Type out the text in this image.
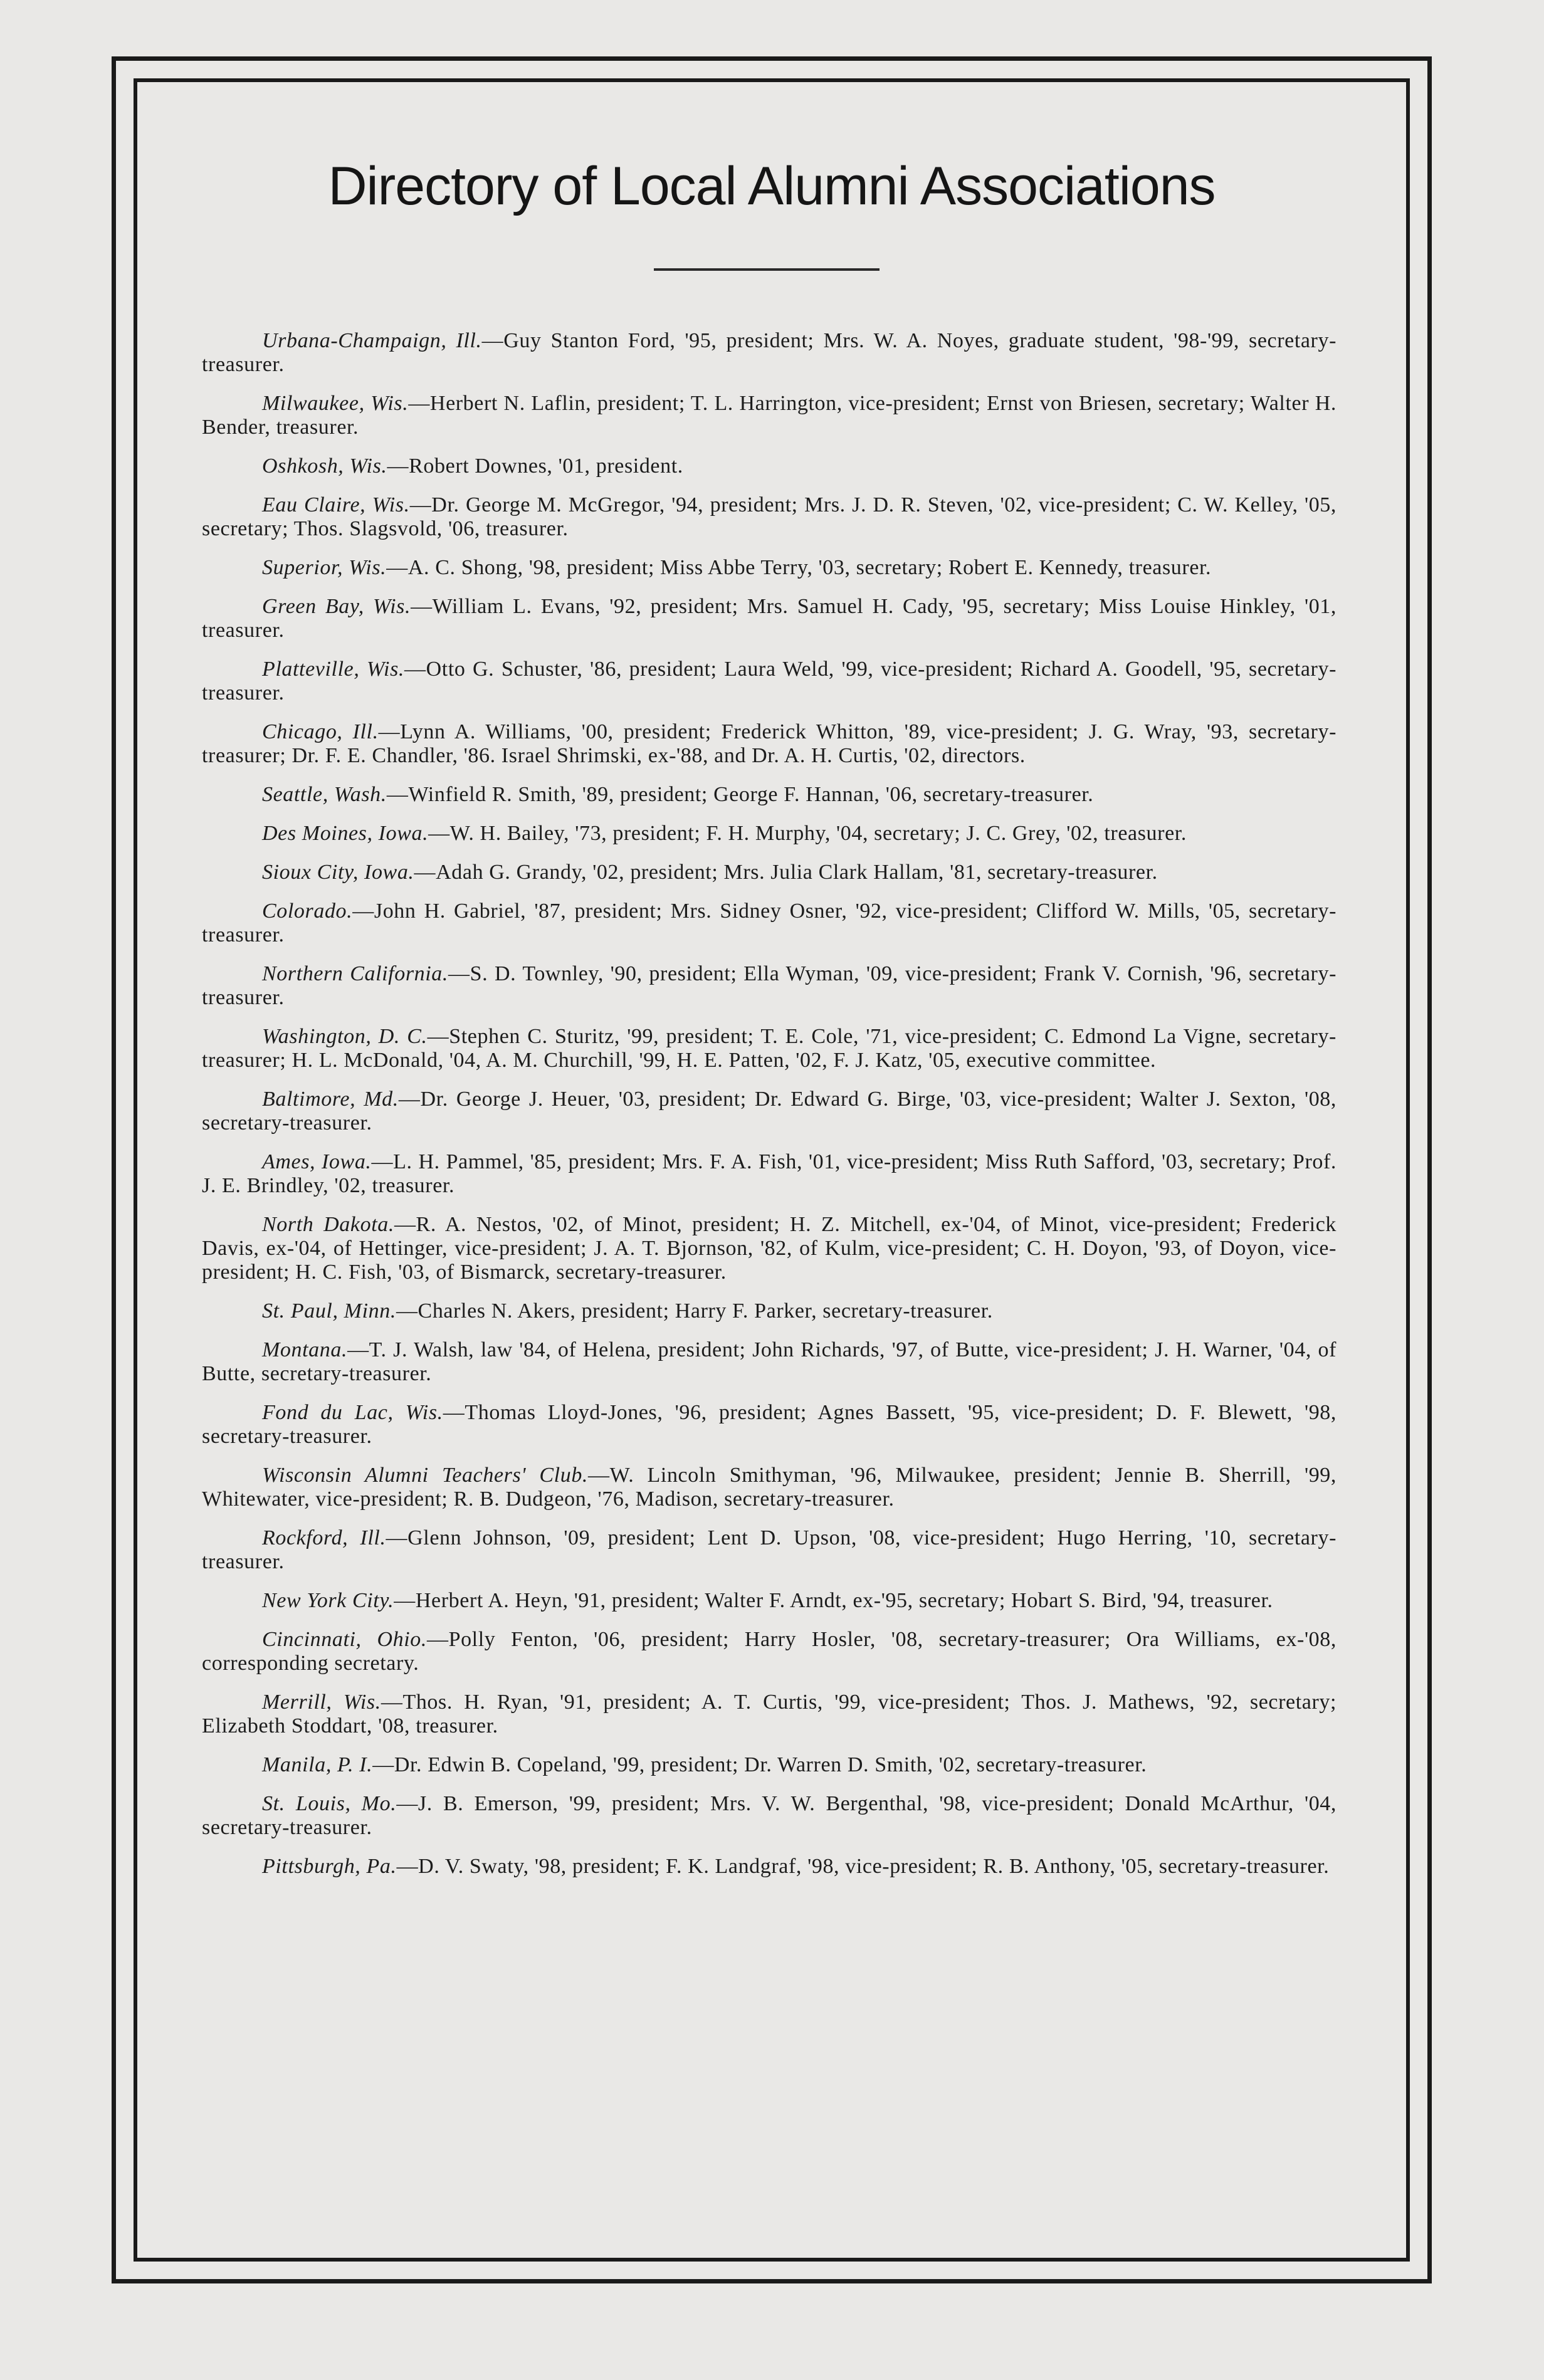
Directory of Local Alumni Associations

Urbana-Champaign, Ill.—Guy Stanton Ford, '95, president; Mrs. W. A. Noyes, graduate student, '98-'99, secretary-treasurer.

Milwaukee, Wis.—Herbert N. Laflin, president; T. L. Harrington, vice-president; Ernst von Briesen, secretary; Walter H. Bender, treasurer.

Oshkosh, Wis.—Robert Downes, '01, president.

Eau Claire, Wis.—Dr. George M. McGregor, '94, president; Mrs. J. D. R. Steven, '02, vice-president; C. W. Kelley, '05, secretary; Thos. Slagsvold, '06, treasurer.

Superior, Wis.—A. C. Shong, '98, president; Miss Abbe Terry, '03, secretary; Robert E. Kennedy, treasurer.

Green Bay, Wis.—William L. Evans, '92, president; Mrs. Samuel H. Cady, '95, secretary; Miss Louise Hinkley, '01, treasurer.

Platteville, Wis.—Otto G. Schuster, '86, president; Laura Weld, '99, vice-president; Richard A. Goodell, '95, secretary-treasurer.

Chicago, Ill.—Lynn A. Williams, '00, president; Frederick Whitton, '89, vice-president; J. G. Wray, '93, secretary-treasurer; Dr. F. E. Chandler, '86. Israel Shrimski, ex-'88, and Dr. A. H. Curtis, '02, directors.

Seattle, Wash.—Winfield R. Smith, '89, president; George F. Hannan, '06, secretary-treasurer.

Des Moines, Iowa.—W. H. Bailey, '73, president; F. H. Murphy, '04, secretary; J. C. Grey, '02, treasurer.

Sioux City, Iowa.—Adah G. Grandy, '02, president; Mrs. Julia Clark Hallam, '81, secretary-treasurer.

Colorado.—John H. Gabriel, '87, president; Mrs. Sidney Osner, '92, vice-president; Clifford W. Mills, '05, secretary-treasurer.

Northern California.—S. D. Townley, '90, president; Ella Wyman, '09, vice-president; Frank V. Cornish, '96, secretary-treasurer.

Washington, D. C.—Stephen C. Sturitz, '99, president; T. E. Cole, '71, vice-president; C. Edmond La Vigne, secretary-treasurer; H. L. McDonald, '04, A. M. Churchill, '99, H. E. Patten, '02, F. J. Katz, '05, executive committee.

Baltimore, Md.—Dr. George J. Heuer, '03, president; Dr. Edward G. Birge, '03, vice-president; Walter J. Sexton, '08, secretary-treasurer.

Ames, Iowa.—L. H. Pammel, '85, president; Mrs. F. A. Fish, '01, vice-president; Miss Ruth Safford, '03, secretary; Prof. J. E. Brindley, '02, treasurer.

North Dakota.—R. A. Nestos, '02, of Minot, president; H. Z. Mitchell, ex-'04, of Minot, vice-president; Frederick Davis, ex-'04, of Hettinger, vice-president; J. A. T. Bjornson, '82, of Kulm, vice-president; C. H. Doyon, '93, of Doyon, vice-president; H. C. Fish, '03, of Bismarck, secretary-treasurer.

St. Paul, Minn.—Charles N. Akers, president; Harry F. Parker, secretary-treasurer.

Montana.—T. J. Walsh, law '84, of Helena, president; John Richards, '97, of Butte, vice-president; J. H. Warner, '04, of Butte, secretary-treasurer.

Fond du Lac, Wis.—Thomas Lloyd-Jones, '96, president; Agnes Bassett, '95, vice-president; D. F. Blewett, '98, secretary-treasurer.

Wisconsin Alumni Teachers' Club.—W. Lincoln Smithyman, '96, Milwaukee, president; Jennie B. Sherrill, '99, Whitewater, vice-president; R. B. Dudgeon, '76, Madison, secretary-treasurer.

Rockford, Ill.—Glenn Johnson, '09, president; Lent D. Upson, '08, vice-president; Hugo Herring, '10, secretary-treasurer.

New York City.—Herbert A. Heyn, '91, president; Walter F. Arndt, ex-'95, secretary; Hobart S. Bird, '94, treasurer.

Cincinnati, Ohio.—Polly Fenton, '06, president; Harry Hosler, '08, secretary-treasurer; Ora Williams, ex-'08, corresponding secretary.

Merrill, Wis.—Thos. H. Ryan, '91, president; A. T. Curtis, '99, vice-president; Thos. J. Mathews, '92, secretary; Elizabeth Stoddart, '08, treasurer.

Manila, P. I.—Dr. Edwin B. Copeland, '99, president; Dr. Warren D. Smith, '02, secretary-treasurer.

St. Louis, Mo.—J. B. Emerson, '99, president; Mrs. V. W. Bergenthal, '98, vice-president; Donald McArthur, '04, secretary-treasurer.

Pittsburgh, Pa.—D. V. Swaty, '98, president; F. K. Landgraf, '98, vice-president; R. B. Anthony, '05, secretary-treasurer.
